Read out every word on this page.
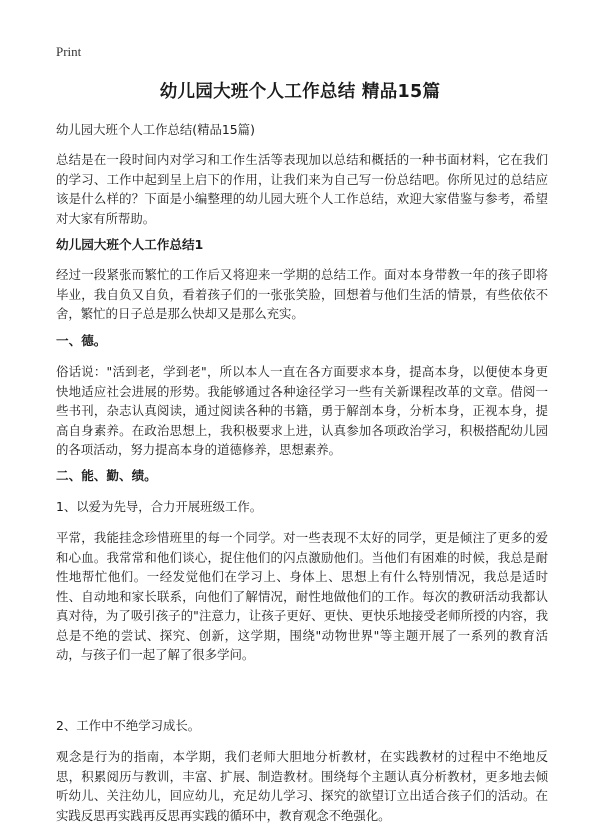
Print
幼儿园大班个人工作总结 精品15篇

幼儿园大班个人工作总结(精品15篇)

总结是在一段时间内对学习和工作生活等表现加以总结和概括的一种书面材料，它在我们的学习、工作中起到呈上启下的作用，让我们来为自己写一份总结吧。你所见过的总结应该是什么样的？下面是小编整理的幼儿园大班个人工作总结，欢迎大家借鉴与参考，希望对大家有所帮助。

幼儿园大班个人工作总结1

经过一段紧张而繁忙的工作后又将迎来一学期的总结工作。面对本身带教一年的孩子即将毕业，我自负又自负，看着孩子们的一张张笑脸，回想着与他们生活的情景，有些依依不舍，繁忙的日子总是那么快却又是那么充实。

一、德。

俗话说："活到老，学到老"，所以本人一直在各方面要求本身，提高本身，以便使本身更快地适应社会进展的形势。我能够通过各种途径学习一些有关新课程改革的文章。借阅一些书刊，杂志认真阅读，通过阅读各种的书籍，勇于解剖本身，分析本身，正视本身，提高自身素养。在政治思想上，我积极要求上进，认真参加各项政治学习，积极搭配幼儿园的各项活动，努力提高本身的道德修养，思想素养。

二、能、勤、绩。

1、以爱为先导，合力开展班级工作。

平常，我能挂念珍惜班里的每一个同学。对一些表现不太好的同学，更是倾注了更多的爱和心血。我常常和他们谈心，捉住他们的闪点激励他们。当他们有困难的时候，我总是耐性地帮忙他们。一经发觉他们在学习上、身体上、思想上有什么特别情况，我总是适时性、自动地和家长联系，向他们了解情况，耐性地做他们的工作。每次的教研活动我都认真对待，为了吸引孩子的"注意力，让孩子更好、更快、更快乐地接受老师所授的内容，我总是不绝的尝试、探究、创新，这学期，围绕"动物世界"等主题开展了一系列的教育活动，与孩子们一起了解了很多学问。

2、工作中不绝学习成长。

观念是行为的指南，本学期，我们老师大胆地分析教材，在实践教材的过程中不绝地反思，积累阅历与教训，丰富、扩展、制造教材。围绕每个主题认真分析教材，更多地去倾听幼儿、关注幼儿，回应幼儿，充足幼儿学习、探究的欲望订立出适合孩子们的活动。在实践反思再实践再反思再实践的循环中，教育观念不绝强化。
